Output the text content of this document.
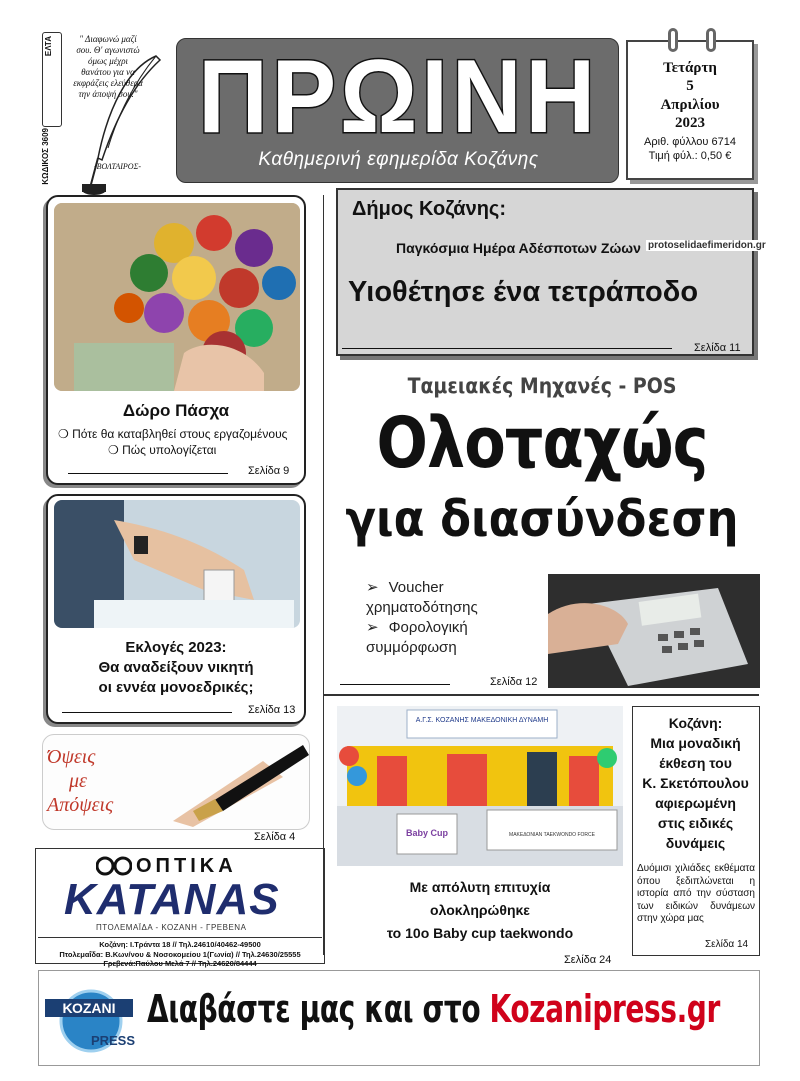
ΕΛΤΑ
ΚΩΔΙΚΟΣ 3609
" Διαφωνώ μαζί σου. Θ' αγωνιστώ όμως μέχρι θανάτου για να εκφράζεις ελεύθερα την άποψή σου."
-ΒΟΛΤΑΙΡΟΣ-
ΠΡΩΙΝΗ
Καθημερινή εφημερίδα Κοζάνης
Τετάρτη
5
Απριλίου
2023
Αριθ. φύλλου 6714
Τιμή φύλ.: 0,50 €
Δώρο Πάσχα
❍ Πότε θα καταβληθεί στους εργαζομένους
❍ Πώς υπολογίζεται
Σελίδα 9
Εκλογές 2023:
Θα αναδείξουν νικητή
οι εννέα μονοεδρικές;
Σελίδα 13
Όψεις
με
Απόψεις
Σελίδα 4
ΟΠΤΙΚΑ
KATANAS
ΠΤΟΛΕΜΑΪΔΑ - ΚΟΖΑΝΗ - ΓΡΕΒΕΝΑ
Κοζάνη: Ι.Τράντα 18 // Τηλ.24610/40462-49500
Πτολεμαΐδα: Β.Κων/νου & Νοσοκομείου 1(Γωνία) // Τηλ.24630/25555
Γρεβενά:Παύλου Μελά 7 // Τηλ.24620/84444
Δήμος Κοζάνης:
Παγκόσμια Ημέρα Αδέσποτων Ζώων
Υιοθέτησε ένα τετράποδο
Σελίδα 11
protoselidaefimeridon.gr
Ταμειακές Μηχανές - POS
Ολοταχώς
για διασύνδεση
➢ Voucher χρηματοδότησης
➢ Φορολογική συμμόρφωση
Σελίδα 12
Α.Γ.Σ. ΚΟΖΑΝΗΣ ΜΑΚΕΔΟΝΙΚΗ ΔΥΝΑΜΗ
Baby Cup	ΜΑΚΕΔΟΝΙΑΝ TAEKWONDO FORCE
Με απόλυτη επιτυχία
ολοκληρώθηκε
το 10ο Baby cup taekwondo
Σελίδα 24
Κοζάνη:
Μια μοναδική
έκθεση του
Κ. Σκετόπουλου
αφιερωμένη
στις ειδικές
δυνάμεις
Δυόμισι χιλιάδες εκθέματα όπου ξεδιπλώνεται η ιστορία από την σύσταση των ειδικών δυνάμεων στην χώρα μας
Σελίδα 14
ΚΟΖΑΝΙ
PRESS
Διαβάστε μας και στο Kozanipress.gr
